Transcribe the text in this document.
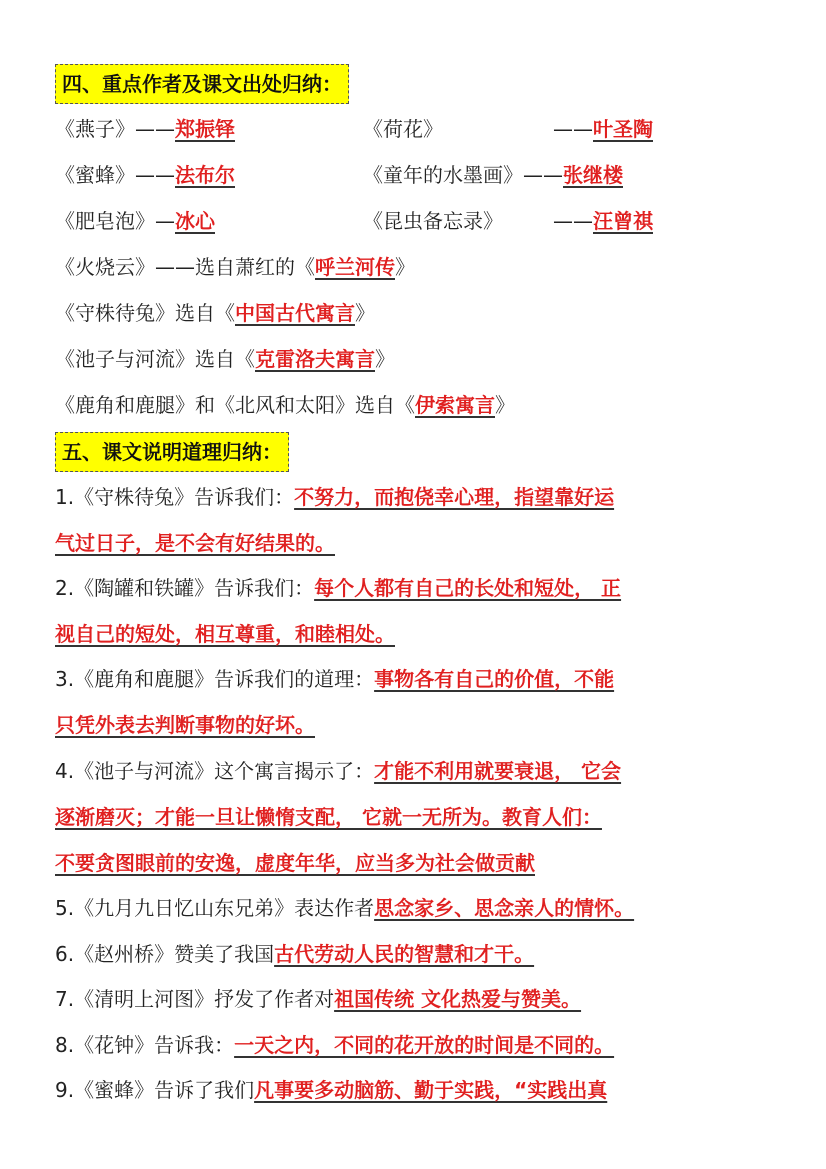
四、重点作者及课文出处归纳：
《燕子》——郑振铎	《荷花》	——叶圣陶
《蜜蜂》——法布尔	《童年的水墨画》——张继楼
《肥皂泡》—冰心	《昆虫备忘录》	——汪曾祺
《火烧云》——选自萧红的《呼兰河传》
《守株待兔》选自《中国古代寓言》
《池子与河流》选自《克雷洛夫寓言》
《鹿角和鹿腿》和《北风和太阳》选自《伊索寓言》
五、课文说明道理归纳：
1.《守株待兔》告诉我们：不努力，而抱侥幸心理，指望靠好运
气过日子，是不会有好结果的。
2.《陶罐和铁罐》告诉我们：每个人都有自己的长处和短处， 正
视自己的短处，相互尊重，和睦相处。
3.《鹿角和鹿腿》告诉我们的道理：事物各有自己的价值，不能
只凭外表去判断事物的好坏。
4.《池子与河流》这个寓言揭示了：才能不利用就要衰退， 它会
逐渐磨灭；才能一旦让懒惰支配， 它就一无所为。教育人们：
不要贪图眼前的安逸，虚度年华，应当多为社会做贡献
5.《九月九日忆山东兄弟》表达作者思念家乡、思念亲人的情怀。
6.《赵州桥》赞美了我国古代劳动人民的智慧和才干。
7.《清明上河图》抒发了作者对祖国传统 文化热爱与赞美。
8.《花钟》告诉我：一天之内，不同的花开放的时间是不同的。
9.《蜜蜂》告诉了我们凡事要多动脑筋、勤于实践，“实践出真
